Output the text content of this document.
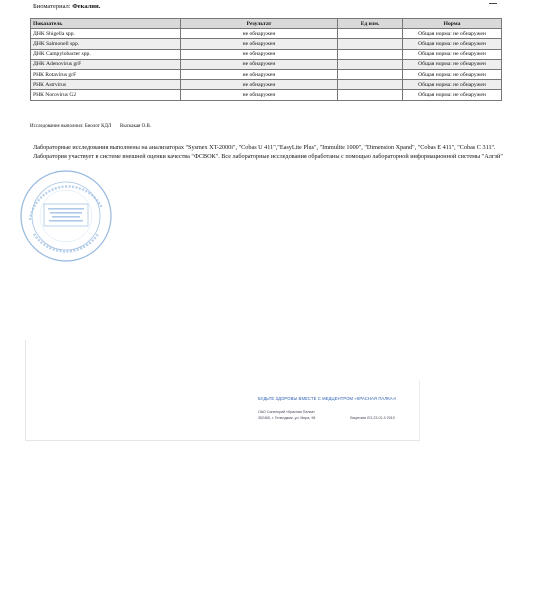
Биоматериал: Фекалии.
Показатель	Результат	Ед изм.	Норма
ДНК Shigella spp.	не обнаружен		Общая норма: не обнаружен
ДНК Salmonell spp.	не обнаружен		Общая норма: не обнаружен
ДНК Campylobacter spp.	не обнаружен		Общая норма: не обнаружен
ДНК Adenovirus grF	не обнаружен		Общая норма: не обнаружен
РНК Rotavirus grF	не обнаружен		Общая норма: не обнаружен
РНК Astrvirus	не обнаружен		Общая норма: не обнаружен
РНК Norovirus G2	не обнаружен		Общая норма: не обнаружен
Исследование выполнил: Биолог КДЛ Выскакая О.В.
Лабораторные исследования выполнены на анализаторах "Sysmex XT-2000i", "Cobas U 411","EasyLite Plus", "Immulite 1000", "Dimension Xpand", "Cobas E 411", "Cobas C 311". Лаборатория участвует в системе внешней оценки качества "ФСВОК". Все лабораторные исследования обработаны с помощью лабораторной информационной системы "Алгэй"
БУДЬТЕ ЗДОРОВЫ ВМЕСТЕ С МЕДЦЕНТРОМ «КРАСНАЯ ПАЛКА»!
ОАО Санаторий «Красная Палка»
352465, г. Геленджик, ул. Мира, 98	Лицензия ЛО-23-01-0 2010
